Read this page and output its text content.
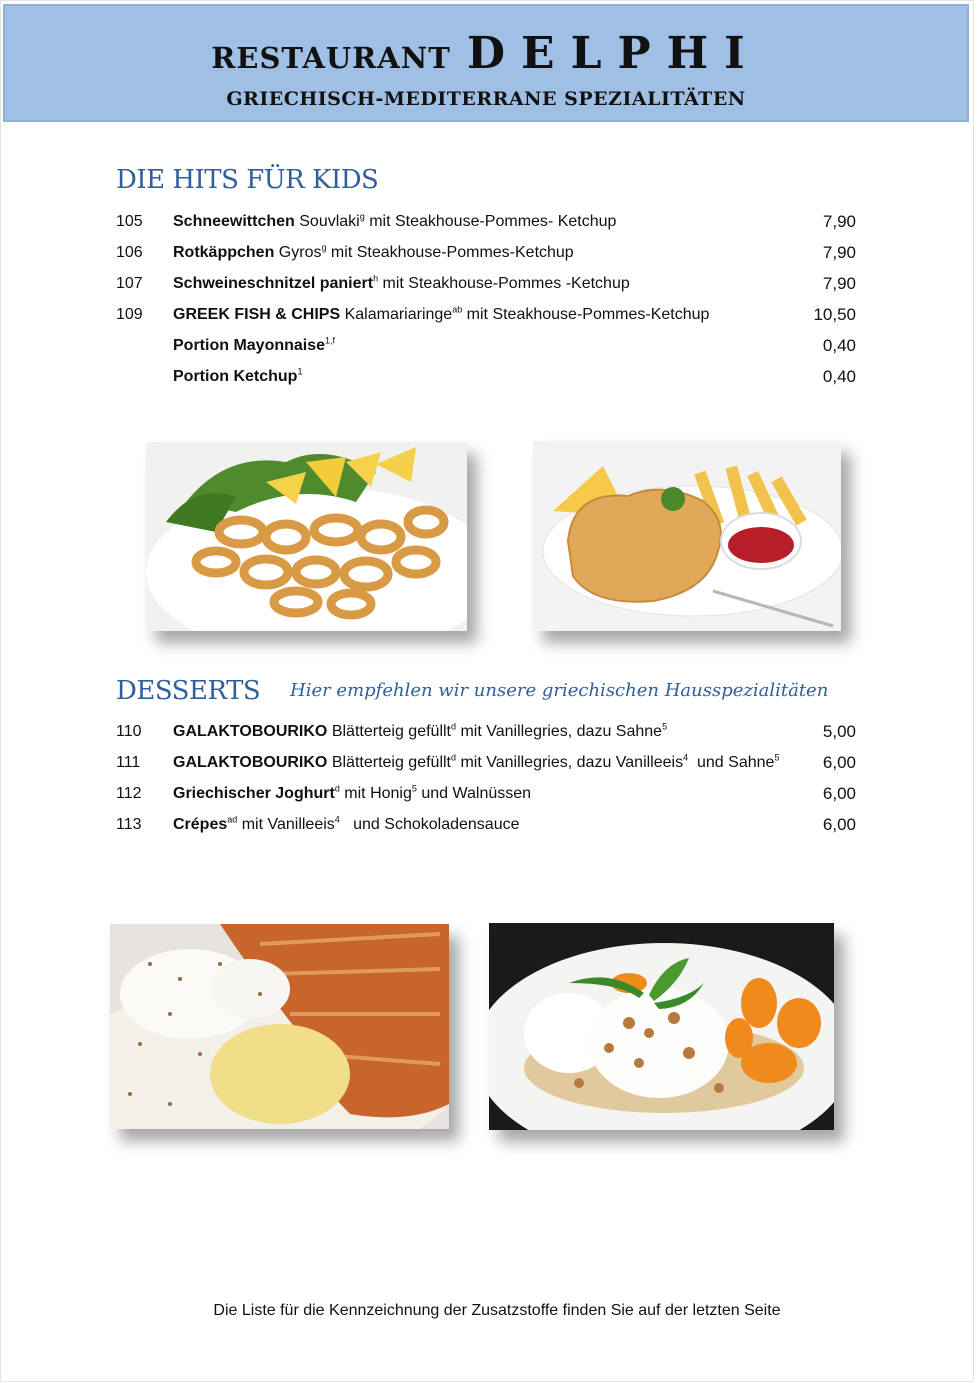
RESTAURANT DELPHI
GRIECHISCH-MEDITERRANE SPEZIALITÄTEN
DIE HITS FÜR KIDS
105 Schneewittchen Souvlaki$^g$ mit Steakhouse-Pommes- Ketchup	7,90
106 Rotkäppchen Gyros$^g$ mit Steakhouse-Pommes-Ketchup	7,90
107 Schweineschnitzel paniert$^h$ mit Steakhouse-Pommes -Ketchup	7,90
109 GREEK FISH & CHIPS Kalamariaringe$^{ab}$ mit Steakhouse-Pommes-Ketchup	10,50
Portion Mayonnaise$^{1,f}$	0,40
Portion Ketchup$^1$	0,40
DESSERTS Hier empfehlen wir unsere griechischen Hausspezialitäten
110 GALAKTOBOURIKO Blätterteig gefüllt$^d$ mit Vanillegries, dazu Sahne$^5$	5,00
111 GALAKTOBOURIKO Blätterteig gefüllt$^d$ mit Vanillegries, dazu Vanilleeis$^4$  und Sahne$^5$	6,00
112 Griechischer Joghurt$^d$ mit Honig$^5$ und Walnüssen	6,00
113 Crépes$^{ad}$ mit Vanilleeis$^4$   und Schokoladensauce	6,00
Die Liste für die Kennzeichnung der Zusatzstoffe finden Sie auf der letzten Seite
